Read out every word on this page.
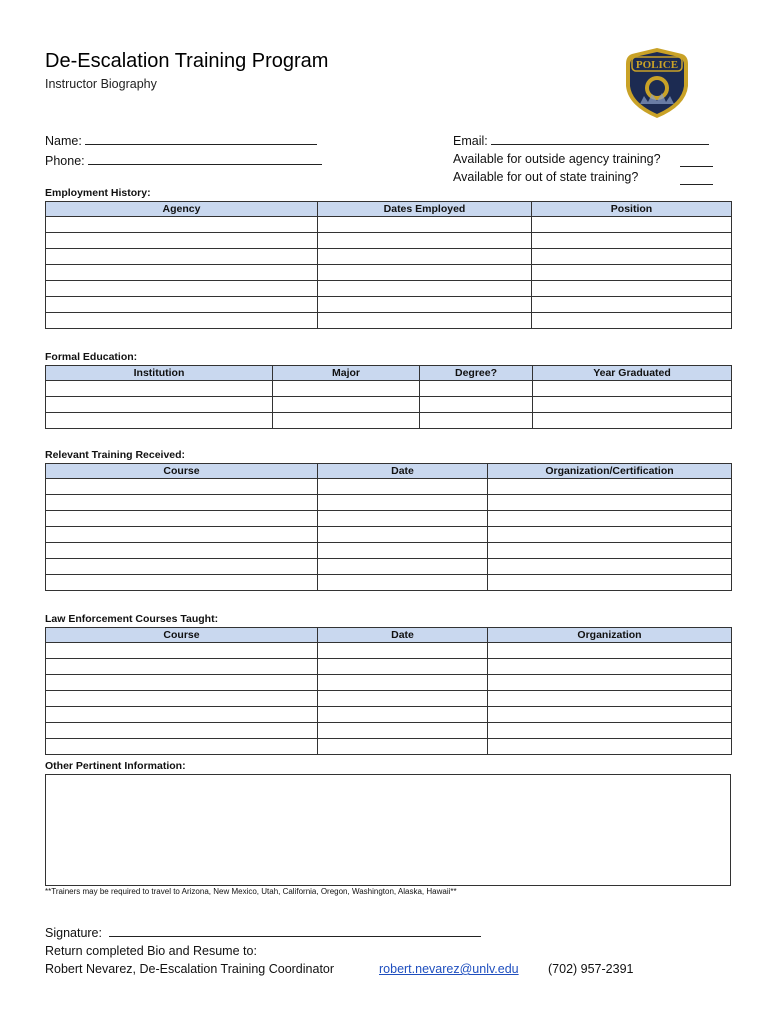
De-Escalation Training Program
Instructor Biography
POLICE
Name:
Phone:
Email:
Available for outside agency training?
Available for out of state training?
Employment History:
Agency	Dates Employed	Position

Formal Education:
Institution	Major	Degree?	Year Graduated

Relevant Training Received:
Course	Date	Organization/Certification

Law Enforcement Courses Taught:
Course	Date	Organization

Other Pertinent Information:
**Trainers may be required to travel to Arizona, New Mexico, Utah, California, Oregon, Washington, Alaska, Hawaii**
Signature:
Return completed Bio and Resume to:
Robert Nevarez, De-Escalation Training Coordinator	robert.nevarez@unlv.edu (702) 957-2391
